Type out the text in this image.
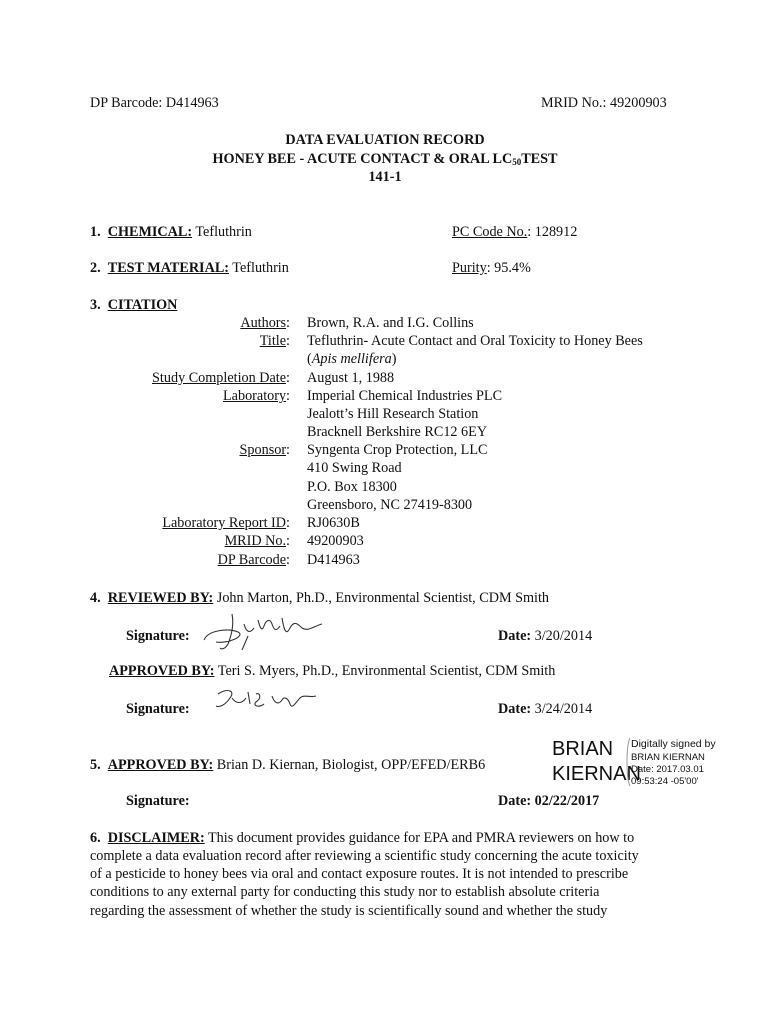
DP Barcode: D414963	MRID No.: 49200903
DATA EVALUATION RECORD
HONEY BEE - ACUTE CONTACT & ORAL $LC_{50}TEST$
141-1
1. CHEMICAL: Tefluthrin	PC Code No.: 128912
2. TEST MATERIAL: Tefluthrin	Purity: 95.4%
3. CITATION
Authors: Brown, R.A. and I.G. Collins
Title: Tefluthrin- Acute Contact and Oral Toxicity to Honey Bees
(Apis mellifera)
Study Completion Date: August 1, 1988
Laboratory: Imperial Chemical Industries PLC
Jealott’s Hill Research Station
Bracknell Berkshire RC12 6EY
Sponsor: Syngenta Crop Protection, LLC
410 Swing Road
P.O. Box 18300
Greensboro, NC 27419-8300
Laboratory Report ID: RJ0630B
MRID No.: 49200903
DP Barcode: D414963
4. REVIEWED BY: John Marton, Ph.D., Environmental Scientist, CDM Smith
Signature:	Date: 3/20/2014
APPROVED BY: Teri S. Myers, Ph.D., Environmental Scientist, CDM Smith
Signature:	Date: 3/24/2014
5. APPROVED BY: Brian D. Kiernan, Biologist, OPP/EFED/ERB6
BRIAN
KIERNAN
Digitally signed by
BRIAN KIERNAN
Date: 2017.03.01
09:53:24 -05'00'
Signature:	Date: 02/22/2017
6. DISCLAIMER: This document provides guidance for EPA and PMRA reviewers on how to
complete a data evaluation record after reviewing a scientific study concerning the acute toxicity
of a pesticide to honey bees via oral and contact exposure routes. It is not intended to prescribe
conditions to any external party for conducting this study nor to establish absolute criteria
regarding the assessment of whether the study is scientifically sound and whether the study
